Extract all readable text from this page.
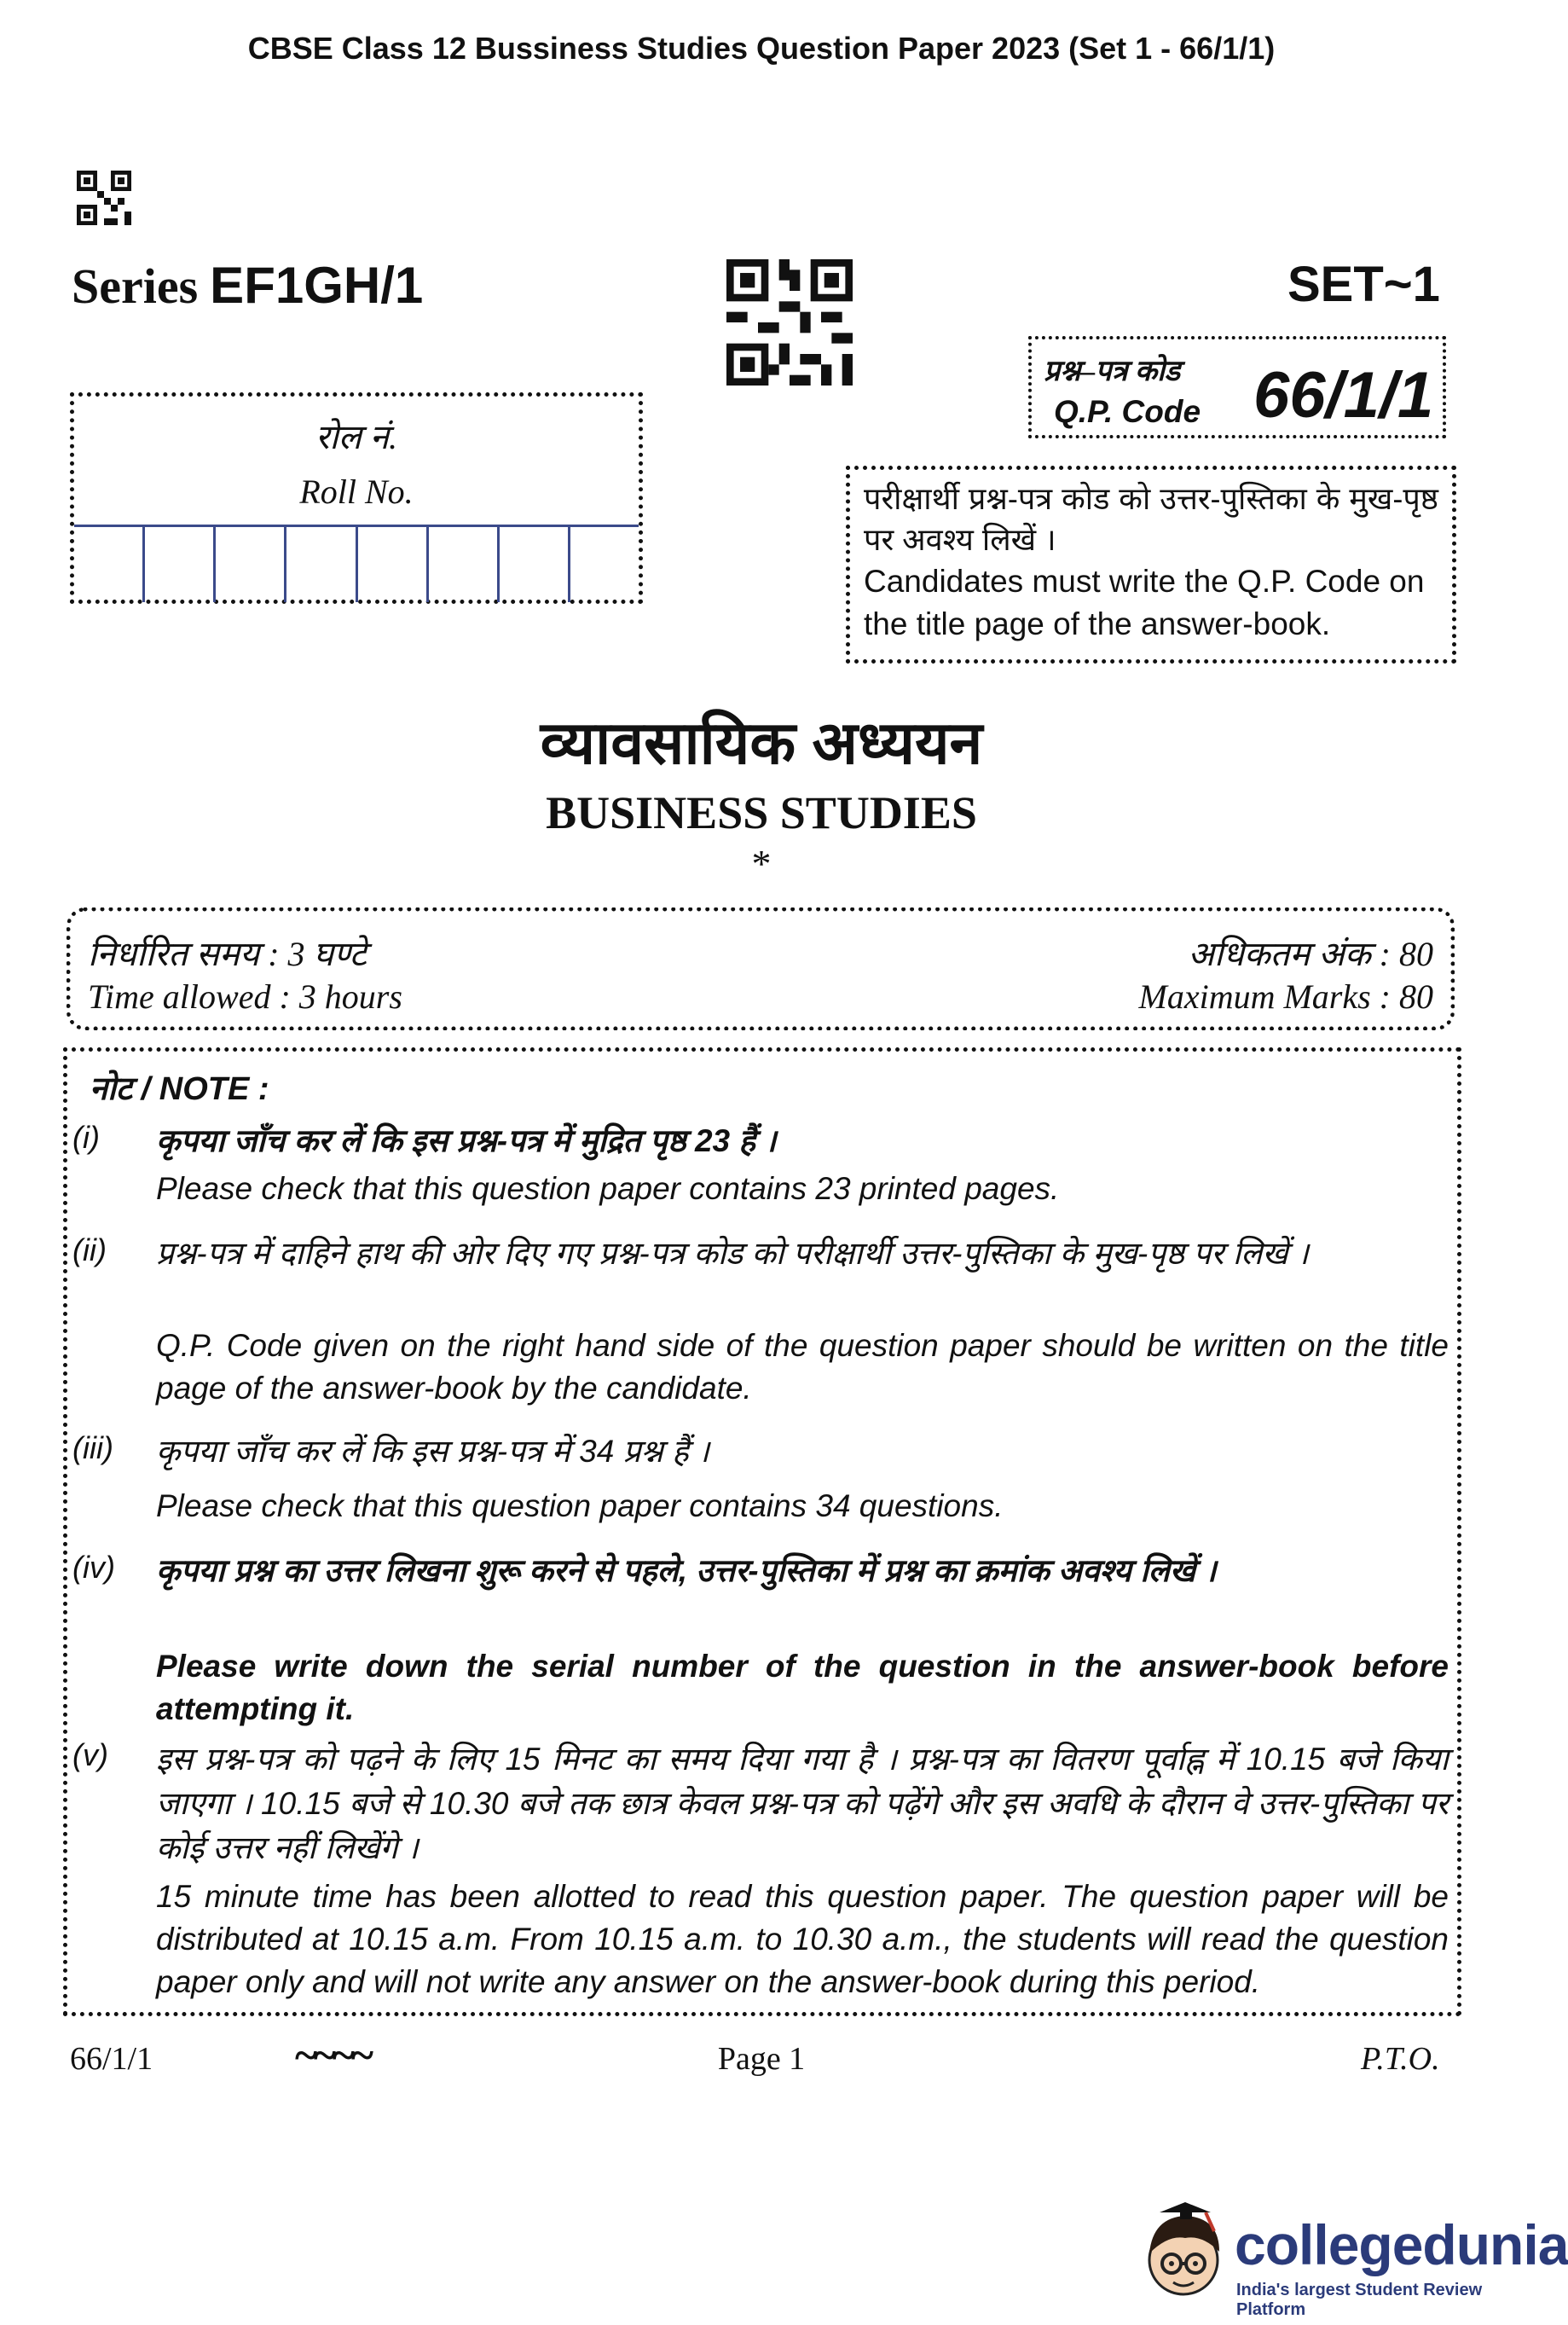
CBSE Class 12 Bussiness Studies Question Paper 2023 (Set 1 - 66/1/1)
Series EF1GH/1	SET~1
प्रश्न–पत्र कोड
Q.P. Code 66/1/1
रोल नं.
Roll No.	परीक्षार्थी प्रश्न-पत्र कोड को उत्तर-पुस्तिका के मुख-पृष्ठ पर अवश्य लिखें ।
Candidates must write the Q.P. Code on the title page of the answer-book.
व्यावसायिक अध्ययन
BUSINESS STUDIES
*
निर्धारित समय : 3 घण्टे
Time allowed : 3 hours
अधिकतम अंक : 80
Maximum Marks : 80
नोट / NOTE :
(i) कृपया जाँच कर लें कि इस प्रश्न-पत्र में मुद्रित पृष्ठ 23 हैं ।
Please check that this question paper contains 23 printed pages.
(ii) प्रश्न-पत्र में दाहिने हाथ की ओर दिए गए प्रश्न-पत्र कोड को परीक्षार्थी उत्तर-पुस्तिका के मुख-पृष्ठ पर लिखें ।
Q.P. Code given on the right hand side of the question paper should be written on the title page of the answer-book by the candidate.
(iii) कृपया जाँच कर लें कि इस प्रश्न-पत्र में 34 प्रश्न हैं ।
Please check that this question paper contains 34 questions.
(iv) कृपया प्रश्न का उत्तर लिखना शुरू करने से पहले, उत्तर-पुस्तिका में प्रश्न का क्रमांक अवश्य लिखें ।
Please write down the serial number of the question in the answer-book before attempting it.
(v) इस प्रश्न-पत्र को पढ़ने के लिए 15 मिनट का समय दिया गया है । प्रश्न-पत्र का वितरण पूर्वाह्न में 10.15 बजे किया जाएगा । 10.15 बजे से 10.30 बजे तक छात्र केवल प्रश्न-पत्र को पढ़ेंगे और इस अवधि के दौरान वे उत्तर-पुस्तिका पर कोई उत्तर नहीं लिखेंगे ।
15 minute time has been allotted to read this question paper. The question paper will be distributed at 10.15 a.m. From 10.15 a.m. to 10.30 a.m., the students will read the question paper only and will not write any answer on the answer-book during this period.
66/1/1	~~~~	Page 1	P.T.O.
collegedunia
India's largest Student Review Platform
